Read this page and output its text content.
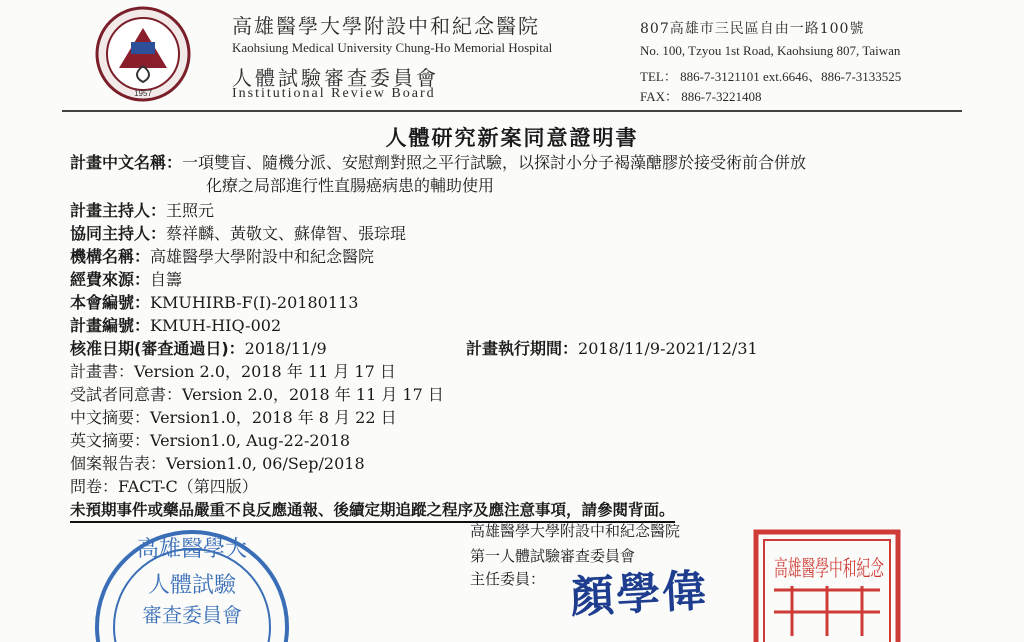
1957
高雄醫學大學附設中和紀念醫院
Kaohsiung Medical University Chung-Ho Memorial Hospital
人體試驗審查委員會
Institutional Review Board
807高雄市三民區自由一路100號
No. 100, Tzyou 1st Road, Kaohsiung 807, Taiwan
TEL： 886-7-3121101 ext.6646、886-7-3133525
FAX： 886-7-3221408
人體研究新案同意證明書
計畫中文名稱：一項雙盲、隨機分派、安慰劑對照之平行試驗，以探討小分子褐藻醣膠於接受術前合併放
化療之局部進行性直腸癌病患的輔助使用
計畫主持人：王照元
協同主持人：蔡祥麟、黃敬文、蘇偉智、張琮琨
機構名稱：高雄醫學大學附設中和紀念醫院
經費來源：自籌
本會編號：KMUHIRB-F(I)-20180113
計畫編號：KMUH-HIQ-002
核准日期(審查通過日)：2018/11/9	計畫執行期間：2018/11/9-2021/12/31
計畫書：Version 2.0，2018 年 11 月 17 日
受試者同意書：Version 2.0，2018 年 11 月 17 日
中文摘要：Version1.0，2018 年 8 月 22 日
英文摘要：Version1.0, Aug-22-2018
個案報告表：Version1.0, 06/Sep/2018
問卷：FACT-C（第四版）
未預期事件或藥品嚴重不良反應通報、後續定期追蹤之程序及應注意事項，請參閱背面。
高雄醫學大
人體試驗
審查委員會
高雄醫學大學附設中和紀念醫院
第一人體試驗審查委員會
主任委員： 顏學偉	高雄醫學中和紀念
